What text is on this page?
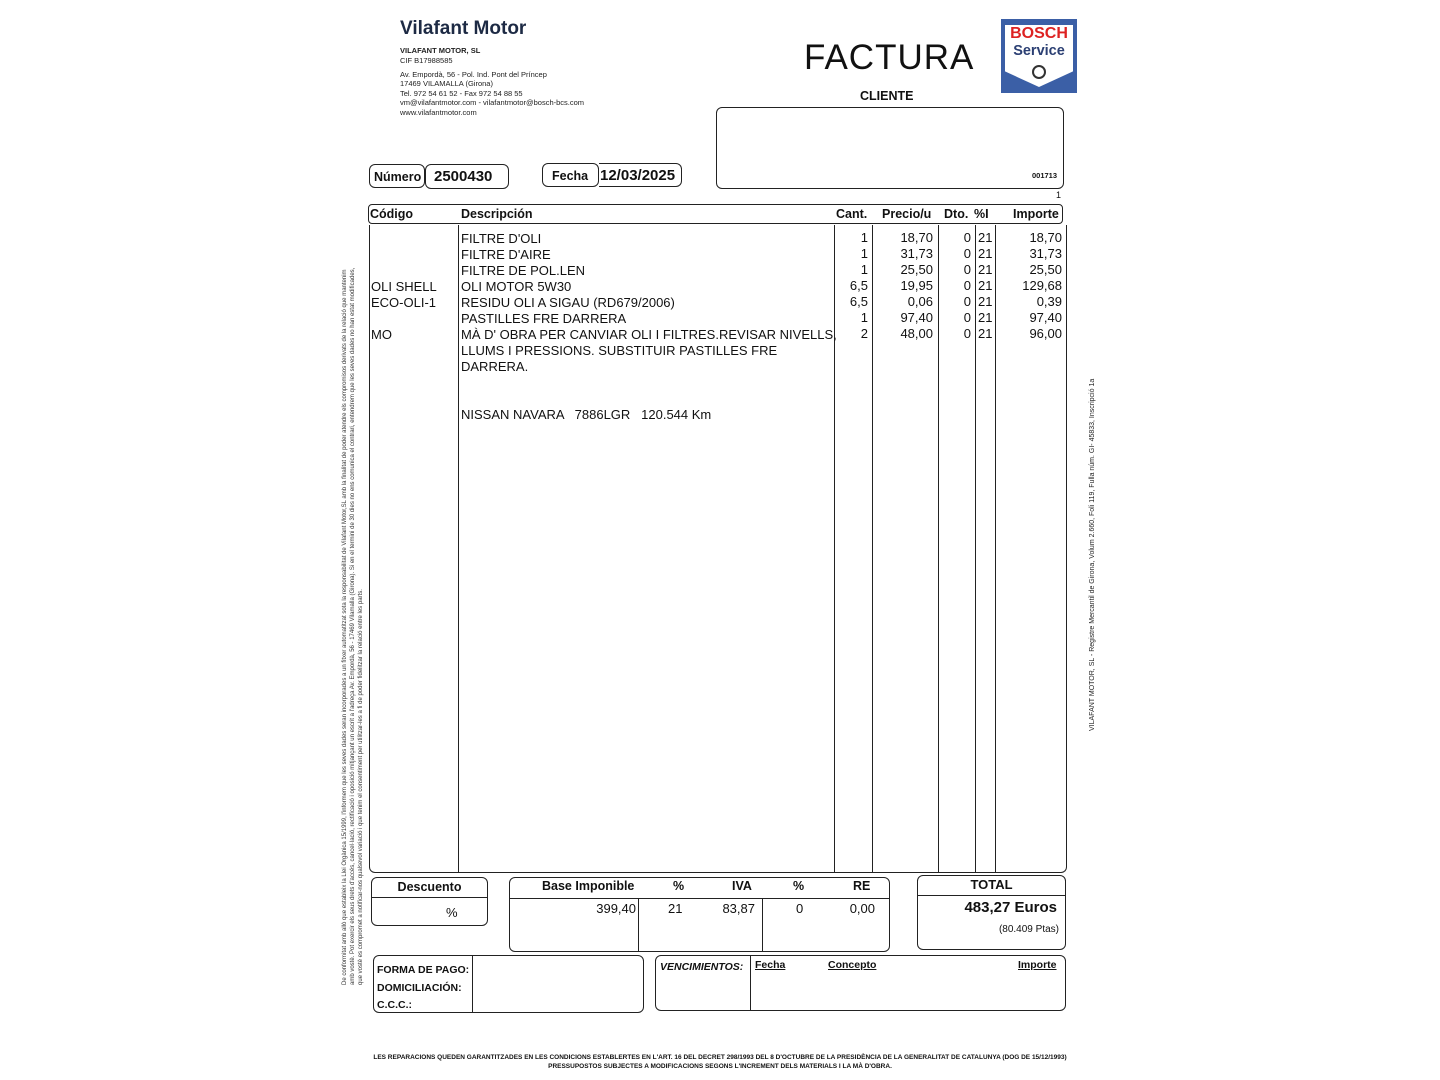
Vilafant Motor
VILAFANT MOTOR, SL
CIF B17988585
Av. Empordà, 56 - Pol. Ind. Pont del Príncep
17469 VILAMALLA (Girona)
Tel. 972 54 61 52 - Fax 972 54 88 55
vm@vilafantmotor.com - vilafantmotor@bosch-bcs.com
www.vilafantmotor.com
FACTURA
CLIENTE
BOSCH
Service
001713
1
Número 2500430	Fecha 12/03/2025
Código	Descripción	Cant. Precio/u Dto. %I Importe
FILTRE D'OLI	1	18,70	0 21	18,70
FILTRE D'AIRE	1	31,73	0 21	31,73
FILTRE DE POL.LEN	1	25,50	0 21	25,50
OLI SHELL OLI MOTOR 5W30	6,5	19,95	0 21	129,68
ECO-OLI-1 RESIDU OLI A SIGAU (RD679/2006)	6,5	0,06	0 21	0,39
PASTILLES FRE DARRERA	1	97,40	0 21	97,40
MO	MÀ D' OBRA PER CANVIAR OLI I FILTRES.REVISAR NIVELLS,	2	48,00	0 21	96,00
LLUMS I PRESSIONS. SUBSTITUIR PASTILLES FRE
DARRERA.
NISSAN NAVARA   7886LGR   120.544 Km
Descuento
%
Base Imponible	%	IVA	%	RE
399,40 21	83,87	0	0,00
TOTAL
483,27 Euros
(80.409 Ptas)
FORMA DE PAGO:
DOMICILIACIÓN:
C.C.C.:
VENCIMIENTOS: Fecha	Concepto	Importe
LES REPARACIONS QUEDEN GARANTITZADES EN LES CONDICIONS ESTABLERTES EN L'ART. 16 DEL DECRET 298/1993 DEL 8 D'OCTUBRE DE LA PRESIDÈNCIA DE LA GENERALITAT DE CATALUNYA (DOG DE 15/12/1993)
PRESSUPOSTOS SUBJECTES A MODIFICACIONS SEGONS L'INCREMENT DELS MATERIALS I LA MÀ D'OBRA.
De conformitat amb allò que estableix la Llei Orgànica 15/1999, l'informem que les seves dades seran incorporades a un fitxer automatitzat sota la responsabilitat de Vilafant Motor,SL amb la finalitat de poder atendre els compromisos derivats de la relació que mantenim amb vostè. Pot exercir els seus drets d'accés, cancel·lació, rectificació i oposició mitjançant un escrit a l'adreça Av. Empordà, 56 - 17469 Vilamalla (Girona). Si en el termini de 30 dies no ens comunica el contrari, entendrem que les seves dades no han estat modificades, que vostè es compromet a notificar-nos qualsevol variació i que tenim el consentiment per utilitzar-les a fi de poder fidelitzar la relació entre les parts.
VILAFANT MOTOR, SL - Registre Mercantil de Girona, Volum 2.660, Foli 119, Fulla núm. GI- 45833, Inscripció 1a
